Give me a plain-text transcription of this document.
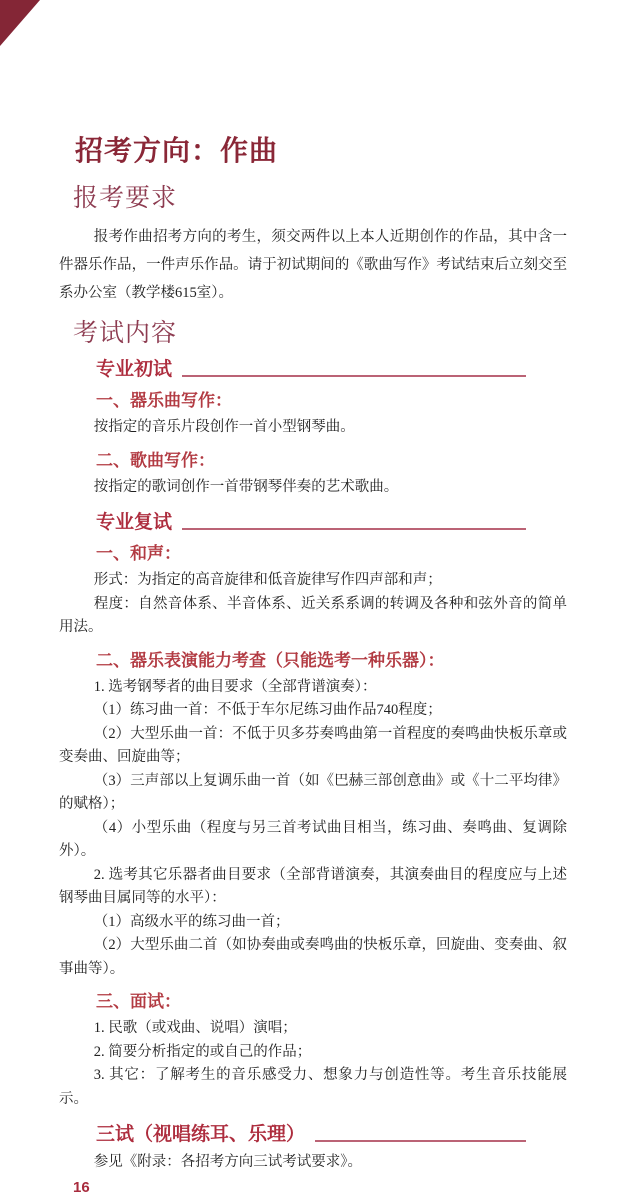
招考方向：作曲
报考要求

报考作曲招考方向的考生，须交两件以上本人近期创作的作品，其中含一件器乐作品，一件声乐作品。请于初试期间的《歌曲写作》考试结束后立刻交至系办公室（教学楼615室）。

考试内容
专业初试
一、器乐曲写作：

按指定的音乐片段创作一首小型钢琴曲。

二、歌曲写作：

按指定的歌词创作一首带钢琴伴奏的艺术歌曲。

专业复试
一、和声：

形式：为指定的高音旋律和低音旋律写作四声部和声；

程度：自然音体系、半音体系、近关系系调的转调及各种和弦外音的简单用法。

二、器乐表演能力考查（只能选考一种乐器）：

1. 选考钢琴者的曲目要求（全部背谱演奏）：

（1）练习曲一首：不低于车尔尼练习曲作品740程度；

（2）大型乐曲一首：不低于贝多芬奏鸣曲第一首程度的奏鸣曲快板乐章或变奏曲、回旋曲等；

（3）三声部以上复调乐曲一首（如《巴赫三部创意曲》或《十二平均律》的赋格）；

（4）小型乐曲（程度与另三首考试曲目相当，练习曲、奏鸣曲、复调除外）。

2. 选考其它乐器者曲目要求（全部背谱演奏，其演奏曲目的程度应与上述钢琴曲目属同等的水平）：

（1）高级水平的练习曲一首；

（2）大型乐曲二首（如协奏曲或奏鸣曲的快板乐章，回旋曲、变奏曲、叙事曲等）。

三、面试：

1. 民歌（或戏曲、说唱）演唱；

2. 简要分析指定的或自己的作品；

3. 其它：了解考生的音乐感受力、想象力与创造性等。考生音乐技能展示。

三试（视唱练耳、乐理）

参见《附录：各招考方向三试考试要求》。

16
